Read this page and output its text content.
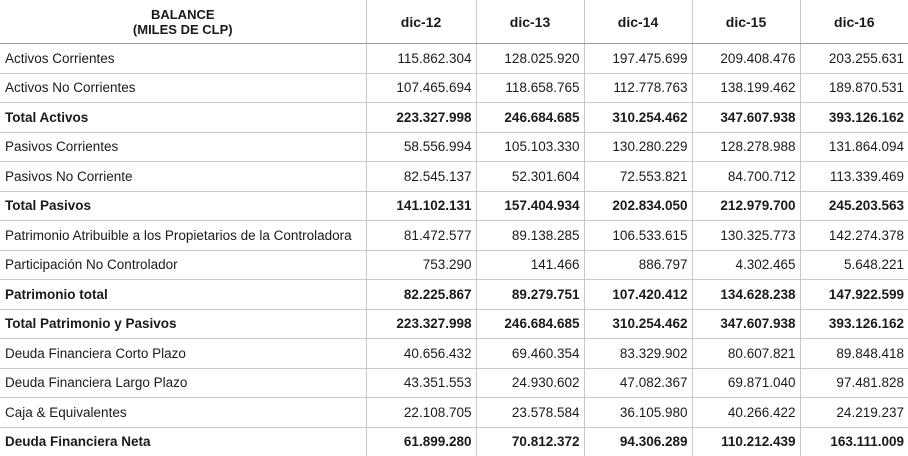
BALANCE
(MILES DE CLP)	dic-12	dic-13	dic-14	dic-15	dic-16
Activos Corrientes	115.862.304	128.025.920	197.475.699	209.408.476	203.255.631
Activos No Corrientes	107.465.694	118.658.765	112.778.763	138.199.462	189.870.531
Total Activos	223.327.998	246.684.685	310.254.462	347.607.938	393.126.162
Pasivos Corrientes	58.556.994	105.103.330	130.280.229	128.278.988	131.864.094
Pasivos No Corriente	82.545.137	52.301.604	72.553.821	84.700.712	113.339.469
Total Pasivos	141.102.131	157.404.934	202.834.050	212.979.700	245.203.563
Patrimonio Atribuible a los Propietarios de la Controladora	81.472.577	89.138.285	106.533.615	130.325.773	142.274.378
Participación No Controlador	753.290	141.466	886.797	4.302.465	5.648.221
Patrimonio total	82.225.867	89.279.751	107.420.412	134.628.238	147.922.599
Total Patrimonio y Pasivos	223.327.998	246.684.685	310.254.462	347.607.938	393.126.162
Deuda Financiera Corto Plazo	40.656.432	69.460.354	83.329.902	80.607.821	89.848.418
Deuda Financiera Largo Plazo	43.351.553	24.930.602	47.082.367	69.871.040	97.481.828
Caja & Equivalentes	22.108.705	23.578.584	36.105.980	40.266.422	24.219.237
Deuda Financiera Neta	61.899.280	70.812.372	94.306.289	110.212.439	163.111.009
